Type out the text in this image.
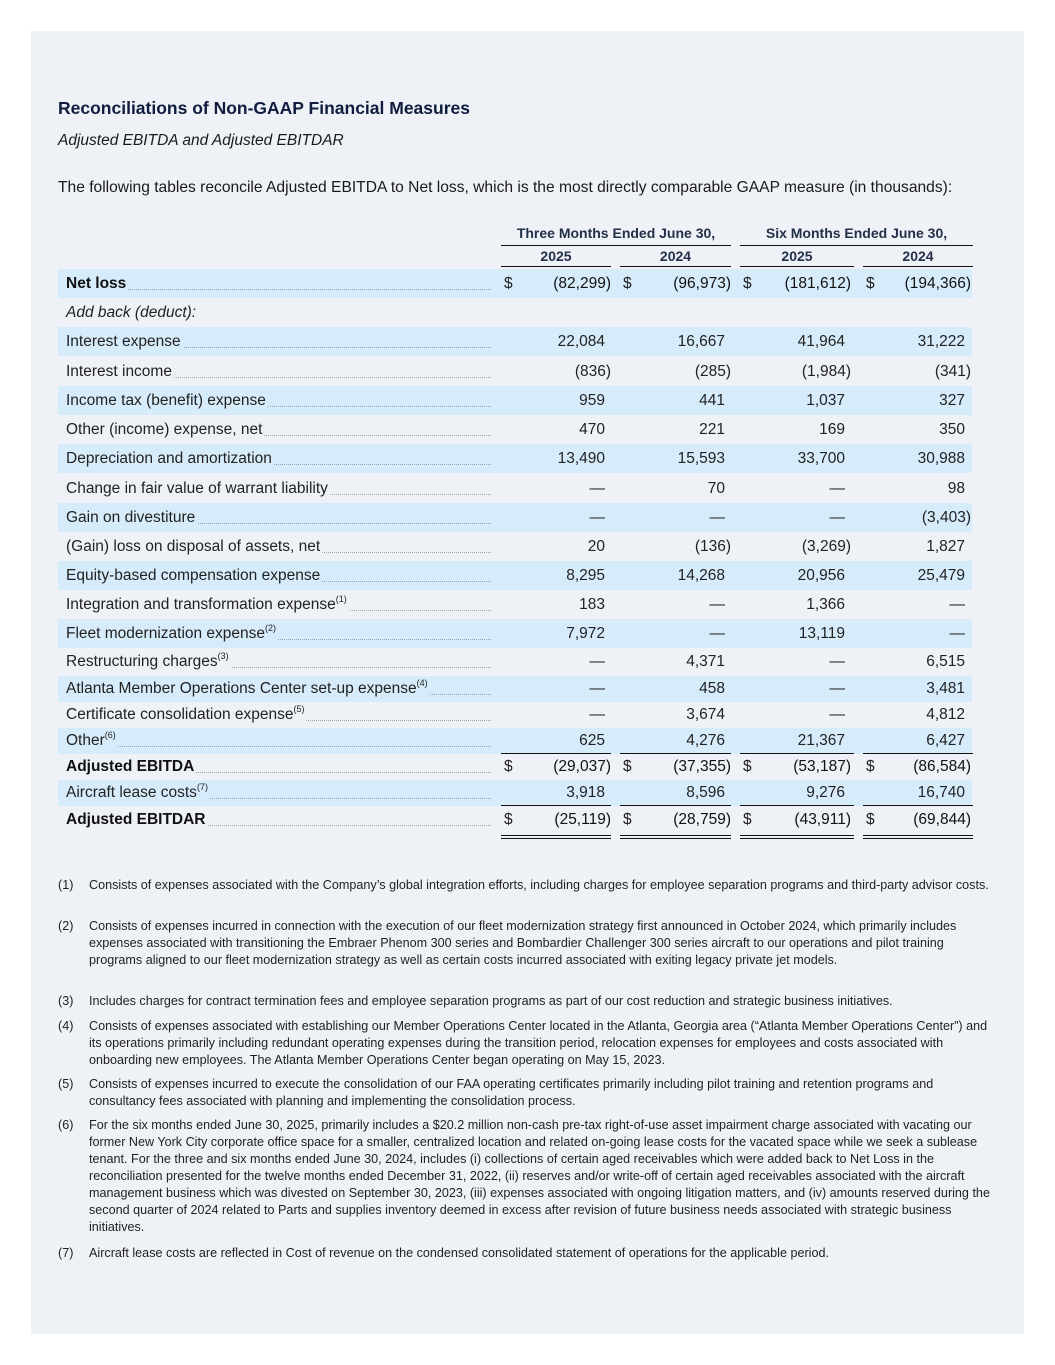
Reconciliations of Non-GAAP Financial Measures
Adjusted EBITDA and Adjusted EBITDAR
The following tables reconcile Adjusted EBITDA to Net loss, which is the most directly comparable GAAP measure (in thousands):
Three Months Ended June 30,	Six Months Ended June 30,
2025	2024	2025	2024
Net loss	$	(82,299) $	(96,973) $	(181,612) $	(194,366)
Add back (deduct):
Interest expense	22,084	16,667	41,964	31,222
Interest income	(836)	(285)	(1,984)	(341)
Income tax (benefit) expense	959	441	1,037	327
Other (income) expense, net	470	221	169	350
Depreciation and amortization	13,490	15,593	33,700	30,988
Change in fair value of warrant liability	—	70	—	98
Gain on divestiture	—	—	—	(3,403)
(Gain) loss on disposal of assets, net	20	(136)	(3,269)	1,827
Equity-based compensation expense	8,295	14,268	20,956	25,479
Integration and transformation expense$^{(1)}$	183	—	1,366	—
Fleet modernization expense$^{(2)}$	7,972	—	13,119	—
Restructuring charges$^{(3)}$	—	4,371	—	6,515
Atlanta Member Operations Center set-up expense$^{(4)}$	—	458	—	3,481
Certificate consolidation expense$^{(5)}$	—	3,674	—	4,812
Other$^{(6)}$	625	4,276	21,367	6,427
Adjusted EBITDA	$	(29,037) $	(37,355) $	(53,187) $	(86,584)
Aircraft lease costs$^{(7)}$	3,918	8,596	9,276	16,740
Adjusted EBITDAR	$	(25,119) $	(28,759) $	(43,911) $	(69,844)
(1) Consists of expenses associated with the Company’s global integration efforts, including charges for employee separation programs and third-party advisor costs.
(2) Consists of expenses incurred in connection with the execution of our fleet modernization strategy first announced in October 2024, which primarily includes expenses associated with transitioning the Embraer Phenom 300 series and Bombardier Challenger 300 series aircraft to our operations and pilot training programs aligned to our fleet modernization strategy as well as certain costs incurred associated with exiting legacy private jet models.
(3) Includes charges for contract termination fees and employee separation programs as part of our cost reduction and strategic business initiatives.
(4) Consists of expenses associated with establishing our Member Operations Center located in the Atlanta, Georgia area (“Atlanta Member Operations Center”) and its operations primarily including redundant operating expenses during the transition period, relocation expenses for employees and costs associated with onboarding new employees. The Atlanta Member Operations Center began operating on May 15, 2023.
(5) Consists of expenses incurred to execute the consolidation of our FAA operating certificates primarily including pilot training and retention programs and consultancy fees associated with planning and implementing the consolidation process.
(6) For the six months ended June 30, 2025, primarily includes a $20.2 million non-cash pre-tax right-of-use asset impairment charge associated with vacating our former New York City corporate office space for a smaller, centralized location and related on-going lease costs for the vacated space while we seek a sublease tenant. For the three and six months ended June 30, 2024, includes (i) collections of certain aged receivables which were added back to Net Loss in the reconciliation presented for the twelve months ended December 31, 2022, (ii) reserves and/or write-off of certain aged receivables associated with the aircraft management business which was divested on September 30, 2023, (iii) expenses associated with ongoing litigation matters, and (iv) amounts reserved during the second quarter of 2024 related to Parts and supplies inventory deemed in excess after revision of future business needs associated with strategic business initiatives.
(7) Aircraft lease costs are reflected in Cost of revenue on the condensed consolidated statement of operations for the applicable period.
